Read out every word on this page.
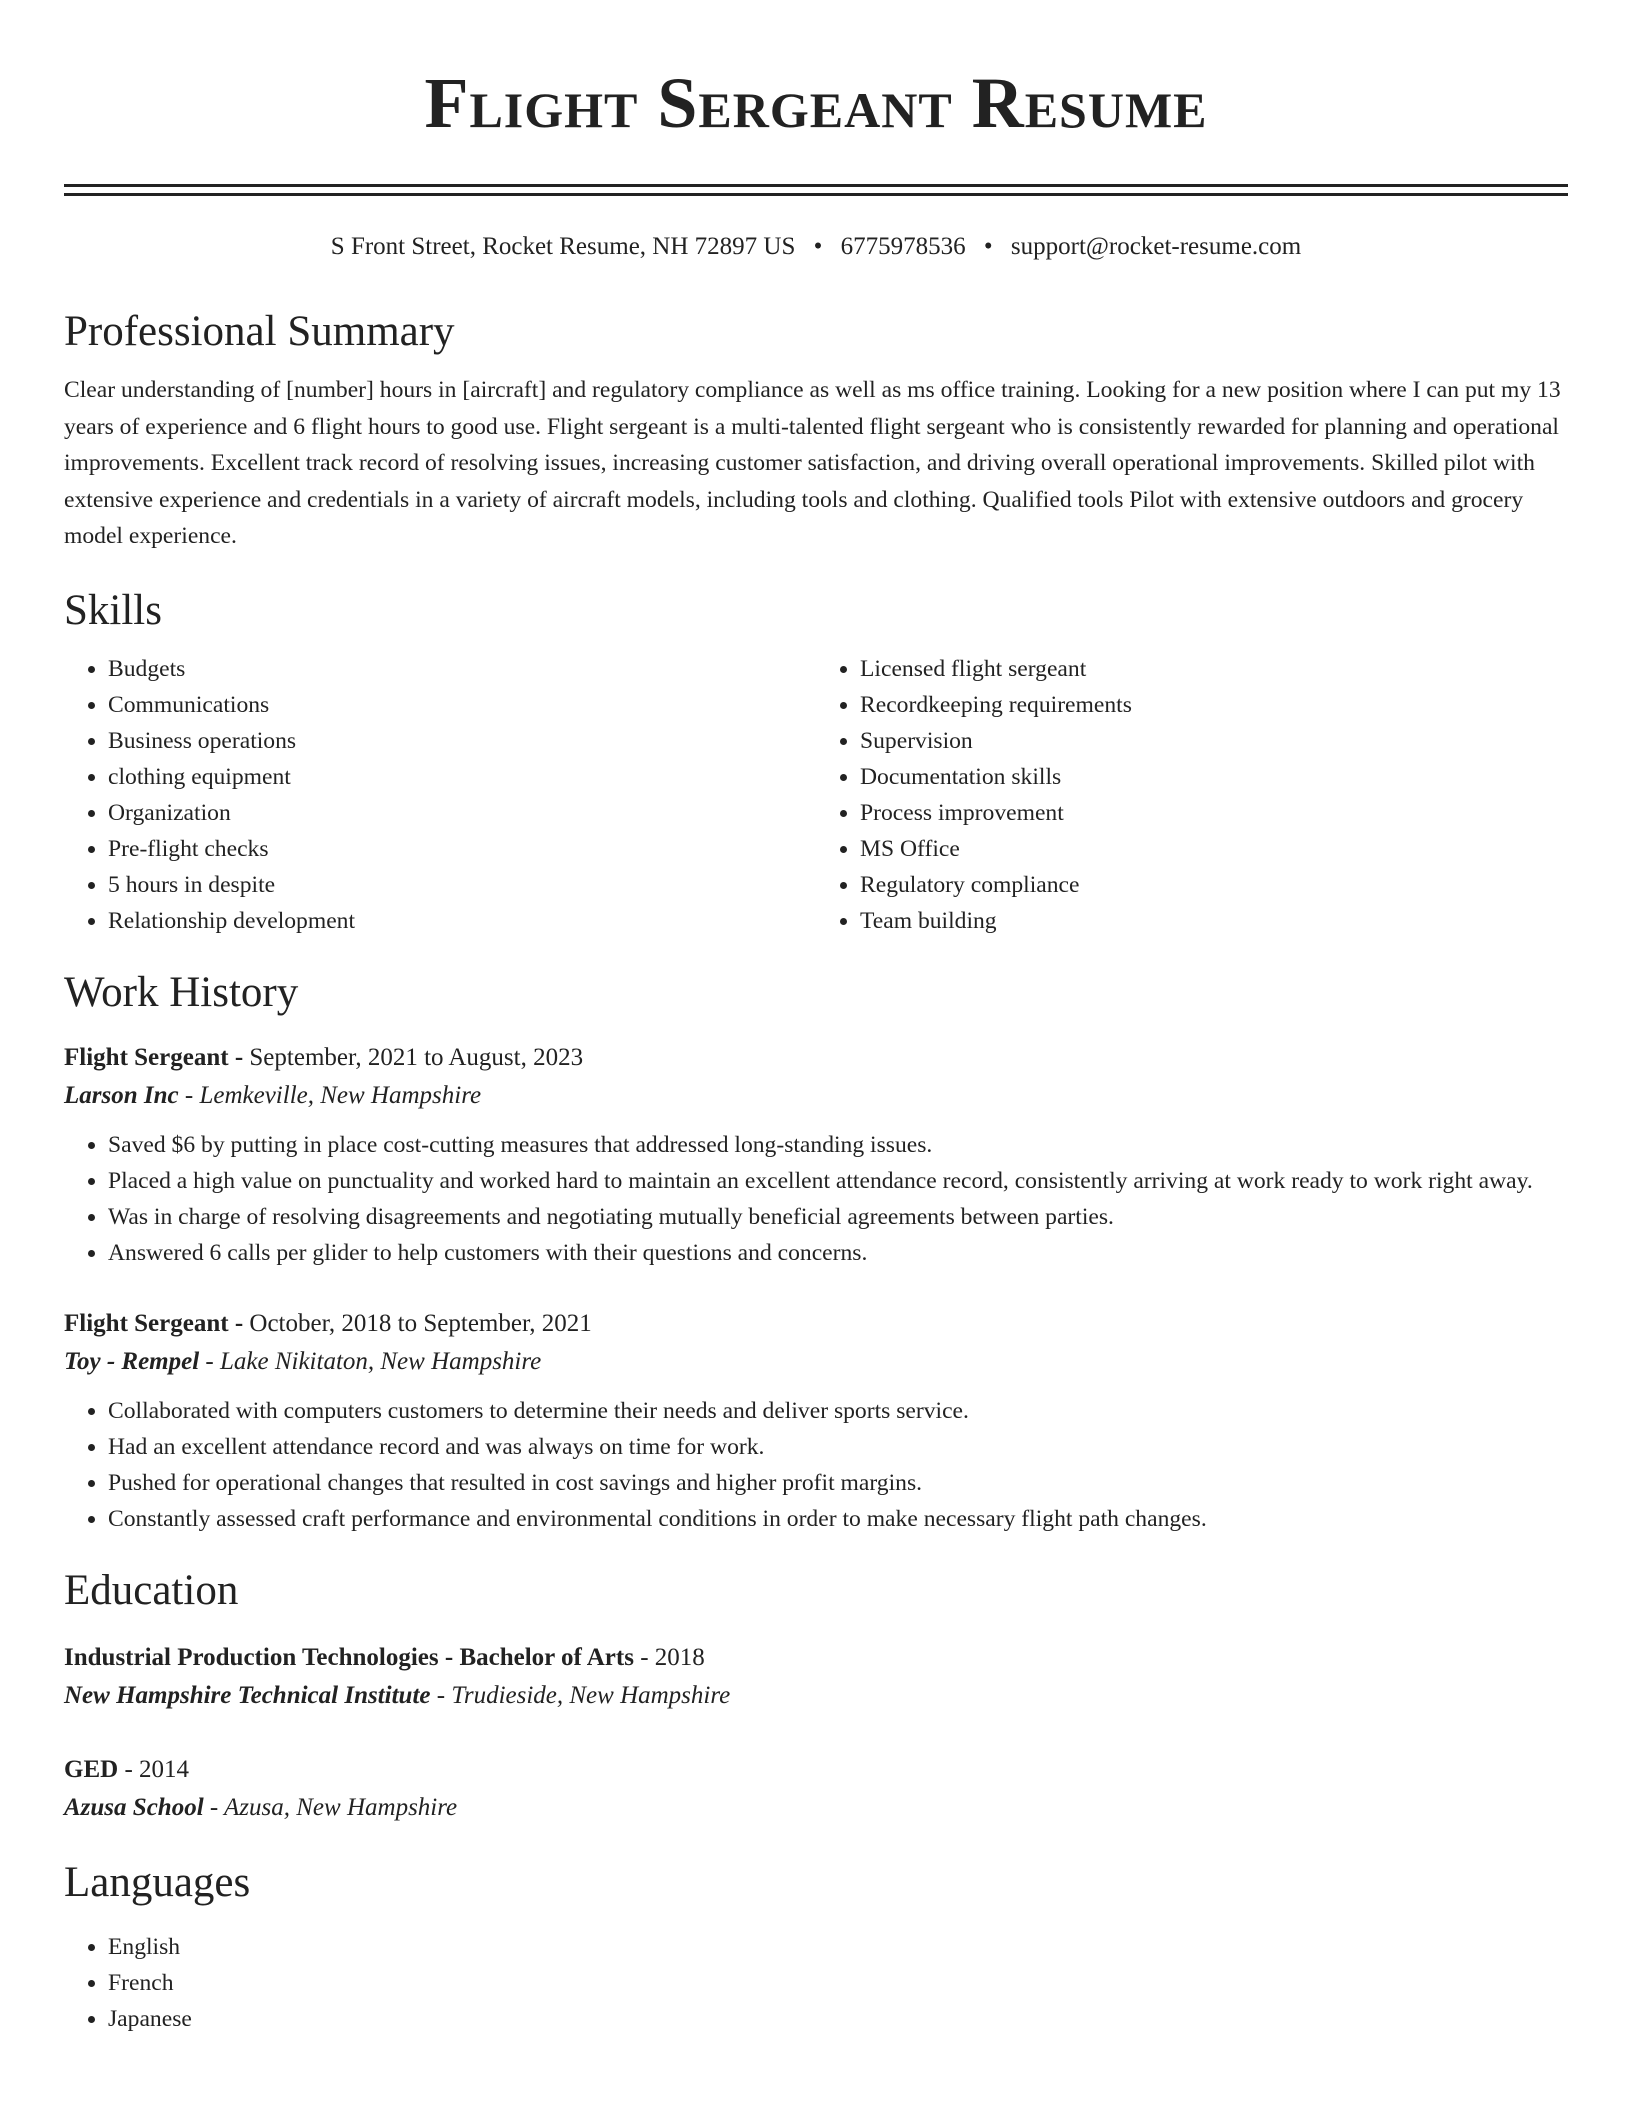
Flight Sergeant Resume
S Front Street, Rocket Resume, NH 72897 US • 6775978536 • support@rocket-resume.com
Professional Summary

Clear understanding of [number] hours in [aircraft] and regulatory compliance as well as ms office training. Looking for a new position where I can put my 13 years of experience and 6 flight hours to good use. Flight sergeant is a multi-talented flight sergeant who is consistently rewarded for planning and operational improvements. Excellent track record of resolving issues, increasing customer satisfaction, and driving overall operational improvements. Skilled pilot with extensive experience and credentials in a variety of aircraft models, including tools and clothing. Qualified tools Pilot with extensive outdoors and grocery model experience.

Skills
• Budgets
• Communications
• Business operations
• clothing equipment
• Organization
• Pre-flight checks
• 5 hours in despite
• Relationship development
• Licensed flight sergeant
• Recordkeeping requirements
• Supervision
• Documentation skills
• Process improvement
• MS Office
• Regulatory compliance
• Team building
Work History
Flight Sergeant - September, 2021 to August, 2023
Larson Inc - Lemkeville, New Hampshire
• Saved $6 by putting in place cost-cutting measures that addressed long-standing issues.
• Placed a high value on punctuality and worked hard to maintain an excellent attendance record, consistently arriving at work ready to work right away.
• Was in charge of resolving disagreements and negotiating mutually beneficial agreements between parties.
• Answered 6 calls per glider to help customers with their questions and concerns.
Flight Sergeant - October, 2018 to September, 2021
Toy - Rempel - Lake Nikitaton, New Hampshire
• Collaborated with computers customers to determine their needs and deliver sports service.
• Had an excellent attendance record and was always on time for work.
• Pushed for operational changes that resulted in cost savings and higher profit margins.
• Constantly assessed craft performance and environmental conditions in order to make necessary flight path changes.
Education
Industrial Production Technologies - Bachelor of Arts - 2018
New Hampshire Technical Institute - Trudieside, New Hampshire
GED - 2014
Azusa School - Azusa, New Hampshire
Languages
• English
• French
• Japanese
